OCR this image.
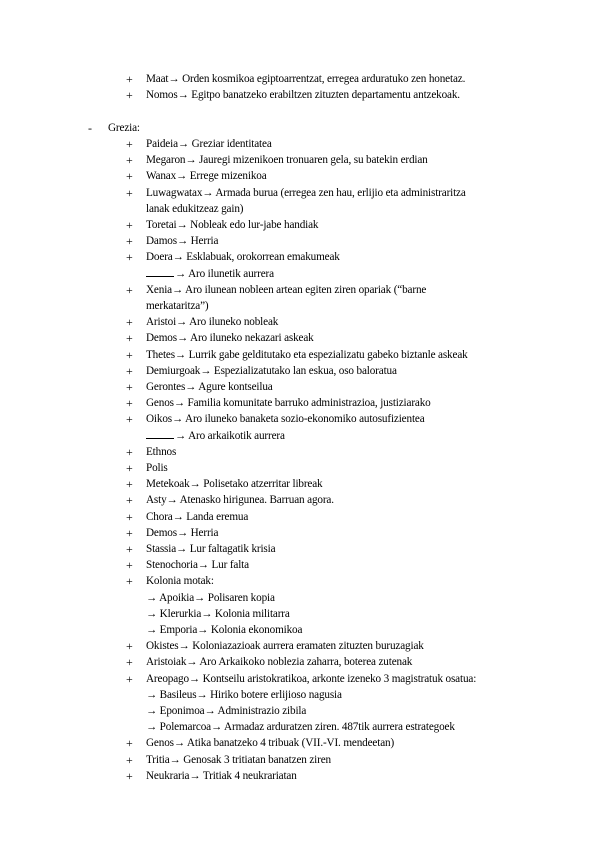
+ Maat→ Orden kosmikoa egiptoarrentzat, erregea arduratuko zen honetaz.
+ Nomos→ Egitpo banatzeko erabiltzen zituzten departamentu antzekoak.
- Grezia:
+ Paideia→ Greziar identitatea
+ Megaron→ Jauregi mizenikoen tronuaren gela, su batekin erdian
+ Wanax→ Errege mizenikoa
+ Luwagwatax→ Armada burua (erregea zen hau, erlijio eta administraritza
lanak edukitzeaz gain)
+ Toretai→ Nobleak edo lur-jabe handiak
+ Damos→ Herria
+ Doera→ Esklabuak, orokorrean emakumeak
→ Aro ilunetik aurrera
+ Xenia→ Aro ilunean nobleen artean egiten ziren opariak (“barne
merkataritza”)
+ Aristoi→ Aro iluneko nobleak
+ Demos→ Aro iluneko nekazari askeak
+ Thetes→ Lurrik gabe gelditutako eta espezializatu gabeko biztanle askeak
+ Demiurgoak→ Espezializatutako lan eskua, oso baloratua
+ Gerontes→ Agure kontseilua
+ Genos→ Familia komunitate barruko administrazioa, justiziarako
+ Oikos→ Aro iluneko banaketa sozio-ekonomiko autosufizientea
→ Aro arkaikotik aurrera
+ Ethnos
+ Polis
+ Metekoak→ Polisetako atzerritar libreak
+ Asty→ Atenasko hirigunea. Barruan agora.
+ Chora→ Landa eremua
+ Demos→ Herria
+ Stassia→ Lur faltagatik krisia
+ Stenochoria→ Lur falta
+ Kolonia motak:
→ Apoikia→ Polisaren kopia
→ Klerurkia→ Kolonia militarra
→ Emporia→ Kolonia ekonomikoa
+ Okistes→ Koloniazazioak aurrera eramaten zituzten buruzagiak
+ Aristoiak→ Aro Arkaikoko noblezia zaharra, boterea zutenak
+ Areopago→ Kontseilu aristokratikoa, arkonte izeneko 3 magistratuk osatua:
→ Basileus→ Hiriko botere erlijioso nagusia
→ Eponimoa→ Administrazio zibila
→ Polemarcoa→ Armadaz arduratzen ziren. 487tik aurrera estrategoek
+ Genos→ Atika banatzeko 4 tribuak (VII.-VI. mendeetan)
+ Tritia→ Genosak 3 tritiatan banatzen ziren
+ Neukraria→ Tritiak 4 neukrariatan
